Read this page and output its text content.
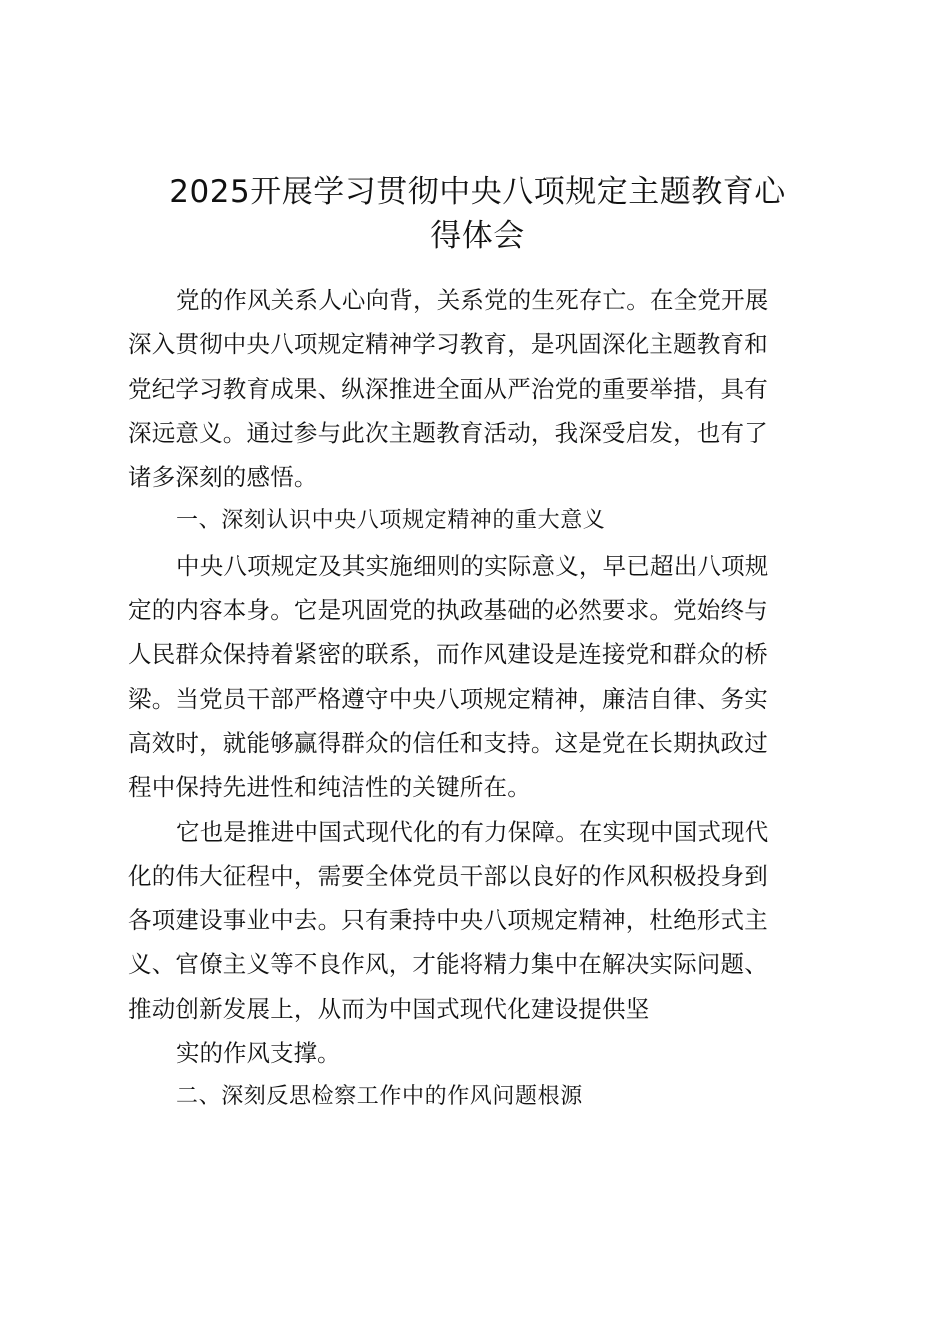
2025开展学习贯彻中央八项规定主题教育心
得体会

党的作风关系人心向背，关系党的生死存亡。在全党开展
深入贯彻中央八项规定精神学习教育，是巩固深化主题教育和
党纪学习教育成果、纵深推进全面从严治党的重要举措，具有
深远意义。通过参与此次主题教育活动，我深受启发，也有了
诸多深刻的感悟。

一、深刻认识中央八项规定精神的重大意义

中央八项规定及其实施细则的实际意义，早已超出八项规
定的内容本身。它是巩固党的执政基础的必然要求。党始终与
人民群众保持着紧密的联系，而作风建设是连接党和群众的桥
梁。当党员干部严格遵守中央八项规定精神，廉洁自律、务实
高效时，就能够赢得群众的信任和支持。这是党在长期执政过
程中保持先进性和纯洁性的关键所在。

它也是推进中国式现代化的有力保障。在实现中国式现代
化的伟大征程中，需要全体党员干部以良好的作风积极投身到
各项建设事业中去。只有秉持中央八项规定精神，杜绝形式主
义、官僚主义等不良作风，才能将精力集中在解决实际问题、
推动创新发展上，从而为中国式现代化建设提供坚

实的作风支撑。

二、深刻反思检察工作中的作风问题根源
